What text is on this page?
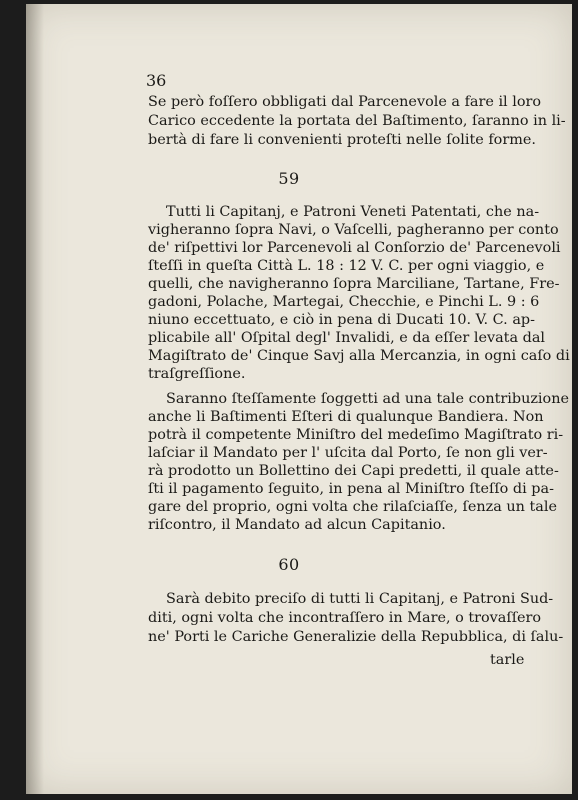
36
Se però foſſero obbligati dal Parcenevole a fare il loro
Carico eccedente la portata del Baſtimento, ſaranno in li-
bertà di fare li convenienti proteſti nelle ſolite forme.
59
Tutti li Capitanj, e Patroni Veneti Patentati, che na-
vigheranno ſopra Navi, o Vaſcelli, pagheranno per conto
de' riſpettivi lor Parcenevoli al Conſorzio de' Parcenevoli
ſteſſi in queſta Città L. 18 : 12 V. C. per ogni viaggio, e
quelli, che navigheranno ſopra Marciliane, Tartane, Fre-
gadoni, Polache, Martegai, Checchie, e Pinchi L. 9 : 6
niuno eccettuato, e ciò in pena di Ducati 10. V. C. ap-
plicabile all' Oſpital degl' Invalidi, e da eſſer levata dal
Magiſtrato de' Cinque Savj alla Mercanzia, in ogni caſo di
traſgreſſione.
Saranno ſteſſamente ſoggetti ad una tale contribuzione
anche li Baſtimenti Eſteri di qualunque Bandiera. Non
potrà il competente Miniſtro del medeſimo Magiſtrato ri-
laſciar il Mandato per l' uſcita dal Porto, ſe non gli ver-
rà prodotto un Bollettino dei Capi predetti, il quale atte-
ſti il pagamento ſeguito, in pena al Miniſtro ſteſſo di pa-
gare del proprio, ogni volta che rilaſciaſſe, ſenza un tale
riſcontro, il Mandato ad alcun Capitanio.
60
Sarà debito preciſo di tutti li Capitanj, e Patroni Sud-
diti, ogni volta che incontraſſero in Mare, o trovaſſero
ne' Porti le Cariche Generalizie della Repubblica, di ſalu-
tarle
